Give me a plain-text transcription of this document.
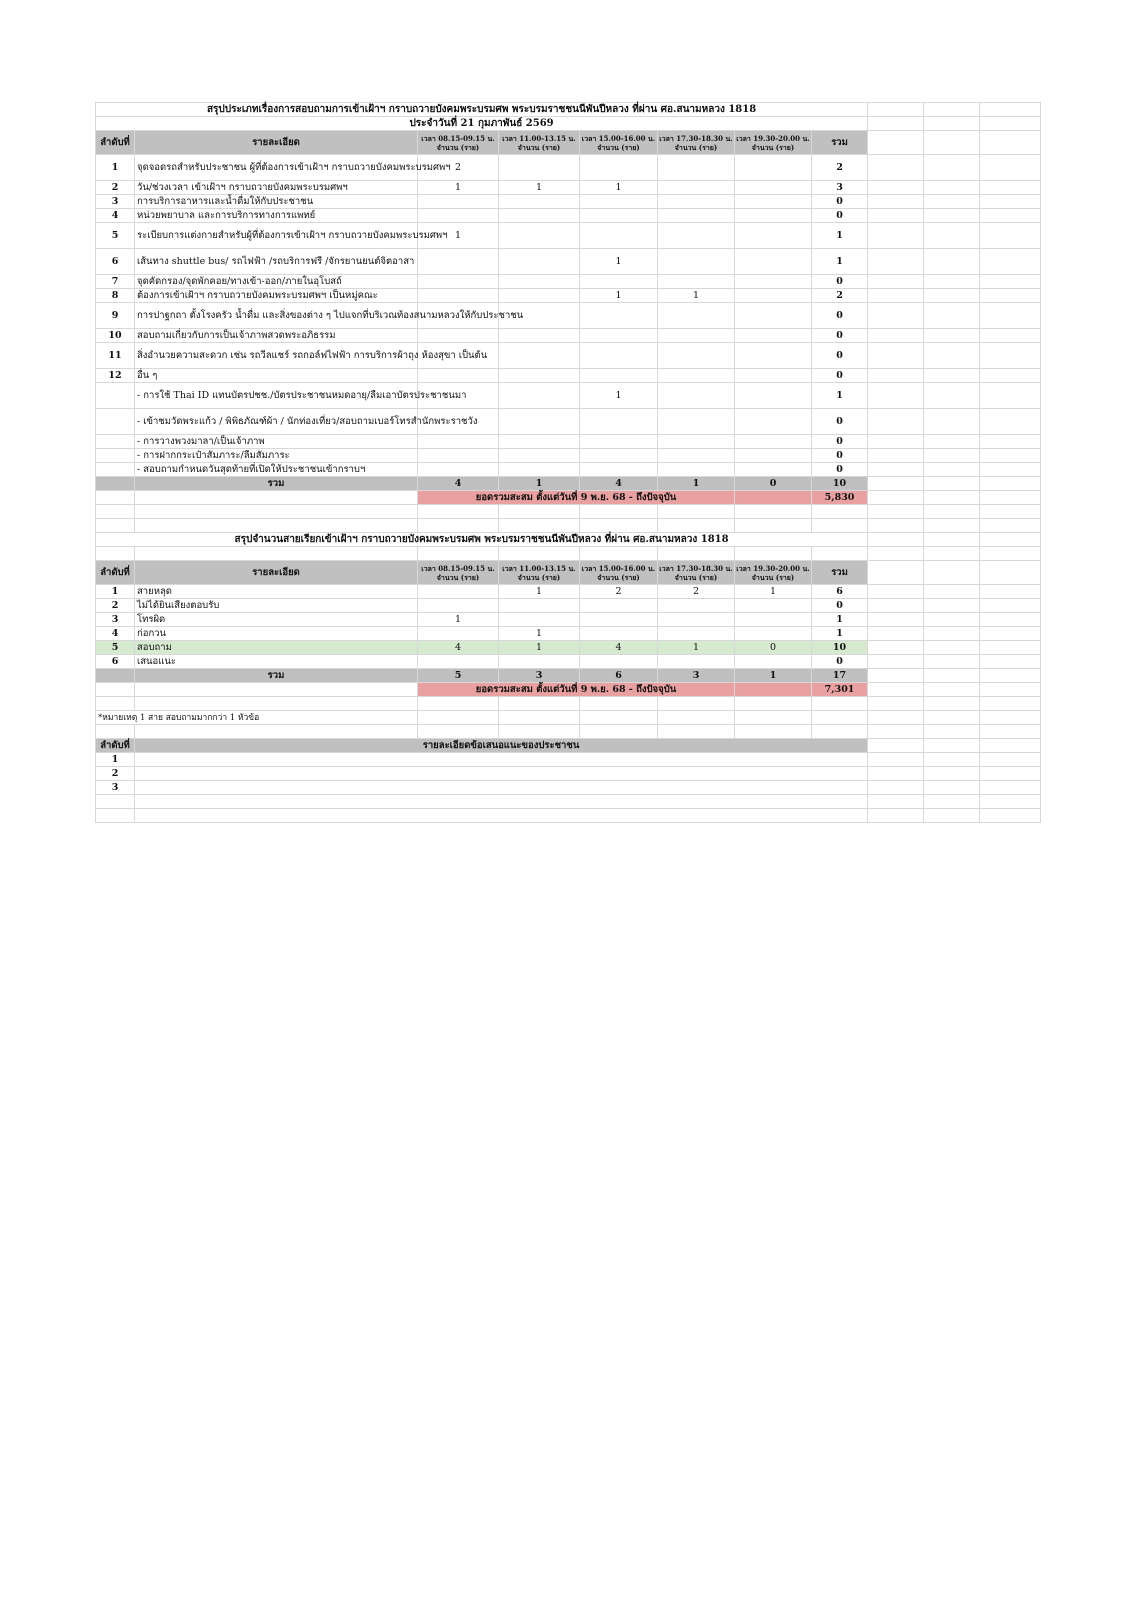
สรุปประเภทเรื่องการสอบถามการเข้าเฝ้าฯ กราบถวายบังคมพระบรมศพ พระบรมราชชนนีพันปีหลวง ที่ผ่าน ศอ.สนามหลวง 1818										
ประจำวันที่ 21 กุมภาพันธ์ 2569										
ลำดับที่	รายละเอียด	เวลา 08.15-09.15 น. จำนวน (ราย)	เวลา 11.00-13.15 น. จำนวน (ราย)	เวลา 15.00-16.00 น. จำนวน (ราย)	เวลา 17.30-18.30 น. จำนวน (ราย)	เวลา 19.30-20.00 น. จำนวน (ราย)	รวม			
1	จุดจอดรถสำหรับประชาชน ผู้ที่ต้องการเข้าเฝ้าฯ กราบถวายบังคมพระบรมศพฯ	2					2			
2	วัน/ช่วงเวลา เข้าเฝ้าฯ กราบถวายบังคมพระบรมศพฯ	1	1	1			3			
3	การบริการอาหารและน้ำดื่มให้กับประชาชน						0			
4	หน่วยพยาบาล และการบริการทางการแพทย์						0			
5	ระเบียบการแต่งกายสำหรับผู้ที่ต้องการเข้าเฝ้าฯ กราบถวายบังคมพระบรมศพฯ	1					1			
6	เส้นทาง shuttle bus/ รถไฟฟ้า /รถบริการฟรี /จักรยานยนต์จิตอาสา			1			1			
7	จุดคัดกรอง/จุดพักคอย/ทางเข้า-ออก/ภายในอุโบสถ์						0			
8	ต้องการเข้าเฝ้าฯ กราบถวายบังคมพระบรมศพฯ เป็นหมู่คณะ			1	1		2			
9	การปาฐกถา ตั้งโรงครัว น้ำดื่ม และสิ่งของต่าง ๆ ไปแจกที่บริเวณท้องสนามหลวงให้กับประชาชน						0			
10	สอบถามเกี่ยวกับการเป็นเจ้าภาพสวดพระอภิธรรม						0			
11	สิ่งอำนวยความสะดวก เช่น รถวีลแชร์ รถกอล์ฟไฟฟ้า การบริการผ้าถุง ห้องสุขา เป็นต้น						0			
12	อื่น ๆ						0			
	- การใช้ Thai ID แทนบัตรปชช./บัตรประชาชนหมดอายุ/ลืมเอาบัตรประชาชนมา			1			1			
	- เข้าชมวัดพระแก้ว / พิพิธภัณฑ์ผ้า / นักท่องเที่ยว/สอบถามเบอร์โทรสำนักพระราชวัง						0			
	- การวางพวงมาลา/เป็นเจ้าภาพ						0			
	- การฝากกระเป๋าสัมภาระ/ลืมสัมภาระ						0			
	- สอบถามกำหนดวันสุดท้ายที่เปิดให้ประชาชนเข้ากราบฯ						0			
	รวม	4	1	4	1	0	10			
		ยอดรวมสะสม ตั้งแต่วันที่ 9 พ.ย. 68 - ถึงปัจจุบัน					5,830			

สรุปจำนวนสายเรียกเข้าเฝ้าฯ กราบถวายบังคมพระบรมศพ พระบรมราชชนนีพันปีหลวง ที่ผ่าน ศอ.สนามหลวง 1818										

ลำดับที่	รายละเอียด	เวลา 08.15-09.15 น. จำนวน (ราย)	เวลา 11.00-13.15 น. จำนวน (ราย)	เวลา 15.00-16.00 น. จำนวน (ราย)	เวลา 17.30-18.30 น. จำนวน (ราย)	เวลา 19.30-20.00 น. จำนวน (ราย)	รวม			
1	สายหลุด		1	2	2	1	6			
2	ไม่ได้ยินเสียงตอบรับ						0			
3	โทรผิด	1					1			
4	ก่อกวน		1				1			
5	สอบถาม	4	1	4	1	0	10			
6	เสนอแนะ						0			
	รวม	5	3	6	3	1	17			
		ยอดรวมสะสม ตั้งแต่วันที่ 9 พ.ย. 68 - ถึงปัจจุบัน					7,301			

*หมายเหตุ 1 สาย สอบถามมากกว่า 1 หัวข้อ										

ลำดับที่	รายละเอียดข้อเสนอแนะของประชาชน									
1										
2										
3										
